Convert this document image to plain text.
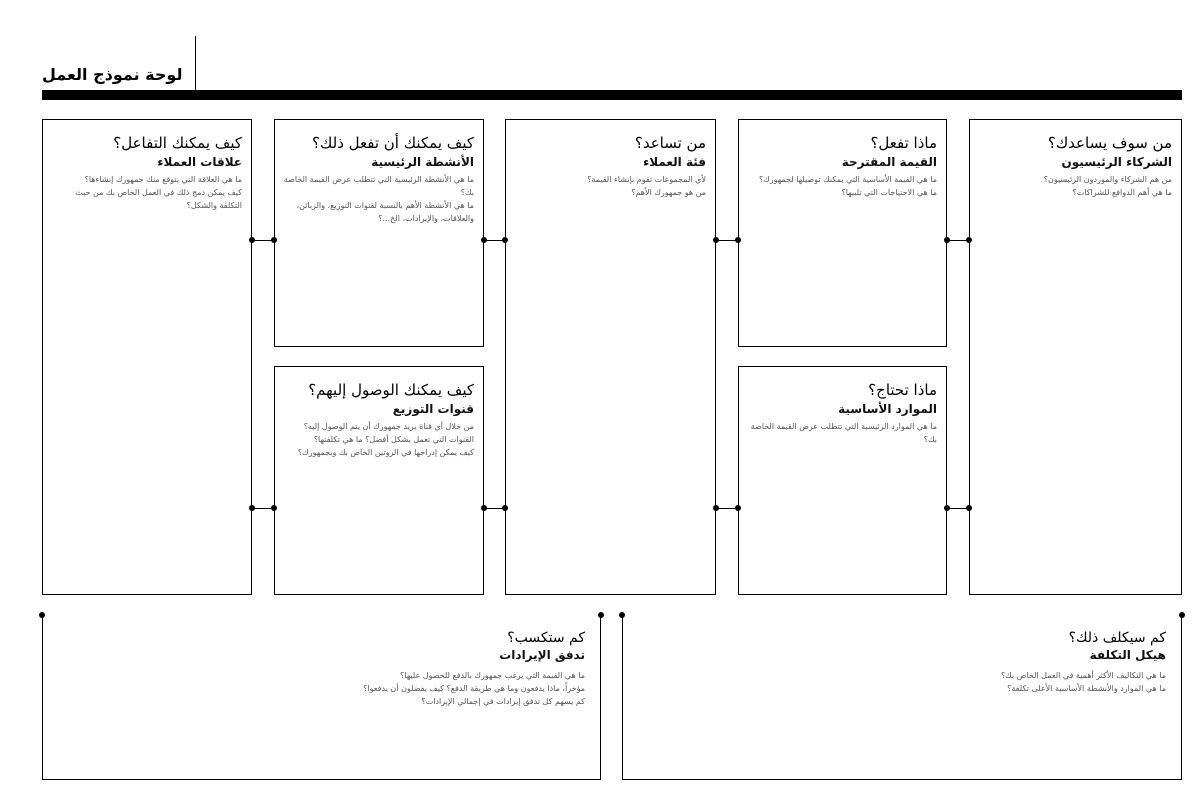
لوحة نموذج العمل
من سوف يساعدك؟
الشركاء الرئيسيون
من هم الشركاء والموردون الرئيسيون؟
ما هي أهم الدوافع للشراكات؟
ماذا تفعل؟
القيمة المقترحة
ما هي القيمة الأساسية التي يمكنك توصيلها لجمهورك؟
ما هي الاحتياجات التي تلبيها؟
ماذا تحتاج؟
الموارد الأساسية
ما هي الموارد الرئيسية التي تتطلب عرض القيمة الخاصة بك؟
من تساعد؟
فئة العملاء
لأي المجموعات تقوم بإنشاء القيمة؟
من هو جمهورك الأهم؟
كيف يمكنك أن تفعل ذلك؟
الأنشطة الرئيسية
ما هي الأنشطة الرئيسية التي تتطلب عرض القيمة الخاصة بك؟
ما هي الأنشطة الأهم بالنسبة لقنوات التوزيع، والزبائن، والعلاقات، والإيرادات، الخ...؟
كيف يمكنك الوصول إليهم؟
قنوات التوزيع
من خلال أي قناة يريد جمهورك أن يتم الوصول إليه؟
القنوات التي تعمل بشكل أفضل؟ ما هي تكلفتها؟
كيف يمكن إدراجها في الروتين الخاص بك وبجمهورك؟
كيف يمكنك التفاعل؟
علاقات العملاء
ما هي العلاقة التي يتوقع منك جمهورك إنشاءها؟
كيف يمكن دمج ذلك في العمل الخاص بك من حيث التكلفة والشكل؟
كم ستكسب؟
تدفق الإيرادات
ما هي القيمة التي يرغب جمهورك بالدفع للحصول عليها؟
مؤخراً، ماذا يدفعون وما هي طريقة الدفع؟ كيف يفضلون أن يدفعوا؟
كم يسهم كل تدفق إيرادات في إجمالي الإيرادات؟
كم سيكلف ذلك؟
هيكل التكلفة
ما هي التكاليف الأكثر أهمية في العمل الخاص بك؟
ما هي الموارد والأنشطة الأساسية الأعلى تكلفة؟
